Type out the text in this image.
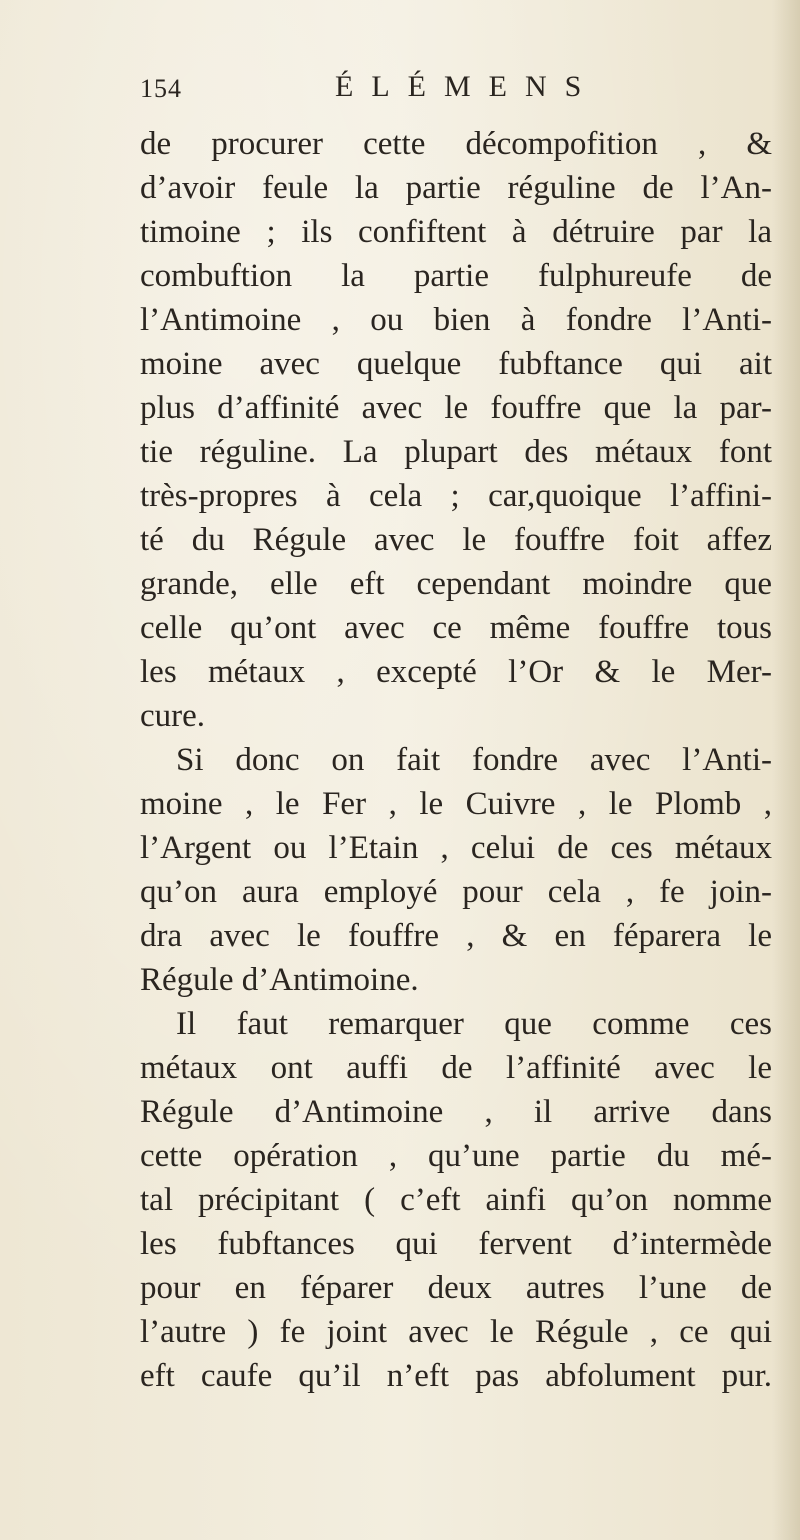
154	ÉLÉMENS
de procurer cette décompofition , &
d’avoir feule la partie réguline de l’An-
timoine ; ils confiftent à détruire par la
combuftion la partie fulphureufe de
l’Antimoine , ou bien à fondre l’Anti-
moine avec quelque fubftance qui ait
plus d’affinité avec le fouffre que la par-
tie réguline. La plupart des métaux font
très-propres à cela ; car,quoique l’affini-
té du Régule avec le fouffre foit affez
grande, elle eft cependant moindre que
celle qu’ont avec ce même fouffre tous
les métaux , excepté l’Or & le Mer-
cure.
Si donc on fait fondre avec l’Anti-
moine , le Fer , le Cuivre , le Plomb ,
l’Argent ou l’Etain , celui de ces métaux
qu’on aura employé pour cela , fe join-
dra avec le fouffre , & en féparera le
Régule d’Antimoine.
Il faut remarquer que comme ces
métaux ont auffi de l’affinité avec le
Régule d’Antimoine , il arrive dans
cette opération , qu’une partie du mé-
tal précipitant ( c’eft ainfi qu’on nomme
les fubftances qui fervent d’intermède
pour en féparer deux autres l’une de
l’autre ) fe joint avec le Régule , ce qui
eft caufe qu’il n’eft pas abfolument pur.
